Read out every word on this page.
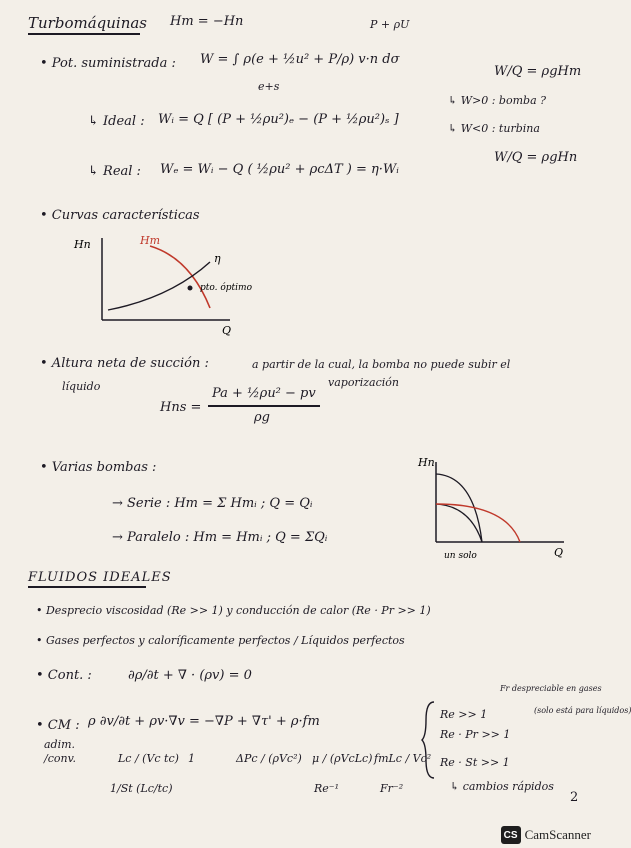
Turbomáquinas Hm = −Hn
• Pot. suministrada : W = ∫ ρ(e + ½u² + P/ρ) v·n dσ
e+s
P + ρU
W/Q = ρgHm
↳ W>0 : bomba ?
↳ W<0 : turbina
W/Q = ρgHn
↳ Ideal : Wᵢ = Q [ (P + ½ρu²)ₑ − (P + ½ρu²)ₛ ]
↳ Real : Wₑ = Wᵢ − Q ( ½ρu² + ρcΔT ) = η·Wᵢ
• Curvas características
Hn	Hm
η
pto. óptimo
Q
• Altura neta de succión :	a partir de la cual, la bomba no puede subir el
líquido
Hns =
Pa + ½ρu² − pv
ρg
vaporización
• Varias bombas :
→ Serie : Hm = Σ Hmᵢ ; Q = Qᵢ
→ Paralelo : Hm = Hmᵢ ; Q = ΣQᵢ
Hn
Q
un solo
FLUIDOS IDEALES
• Desprecio viscosidad (Re >> 1) y conducción de calor (Re · Pr >> 1)
• Gases perfectos y caloríficamente perfectos / Líquidos perfectos
• Cont. :	∂ρ/∂t + ∇ · (ρv) = 0
• CM : ρ ∂v/∂t + ρv·∇v = −∇P + ∇τ' + ρ·fm
adim.
/conv.	Lc / (Vc tc) 1	ΔPc / (ρVc²) μ / (ρVcLc) fmLc / Vc²
1/St (Lc/tc)	Re⁻¹	Fr⁻²
Re >> 1
Re · Pr >> 1
(solo está para líquidos)
Fr despreciable en gases
Re · St >> 1
↳ cambios rápidos
2
CS CamScanner
